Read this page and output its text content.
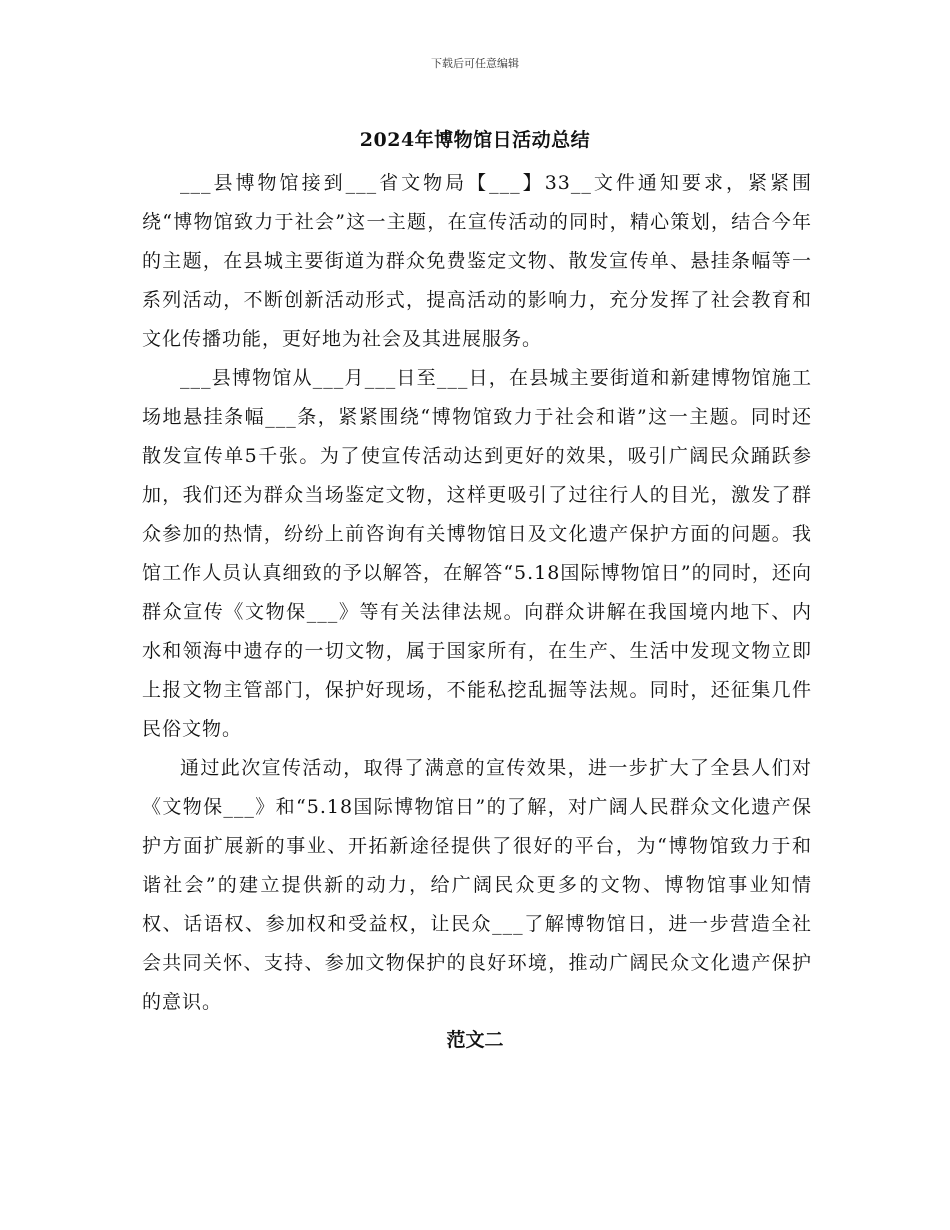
下载后可任意编辑
2024年博物馆日活动总结

___县博物馆接到___省文物局【___】33__文件通知要求，紧紧围绕“博物馆致力于社会”这一主题，在宣传活动的同时，精心策划，结合今年的主题，在县城主要街道为群众免费鉴定文物、散发宣传单、悬挂条幅等一系列活动，不断创新活动形式，提高活动的影响力，充分发挥了社会教育和文化传播功能，更好地为社会及其进展服务。

___县博物馆从___月___日至___日，在县城主要街道和新建博物馆施工场地悬挂条幅___条，紧紧围绕“博物馆致力于社会和谐”这一主题。同时还散发宣传单5千张。为了使宣传活动达到更好的效果，吸引广阔民众踊跃参加，我们还为群众当场鉴定文物，这样更吸引了过往行人的目光，激发了群众参加的热情，纷纷上前咨询有关博物馆日及文化遗产保护方面的问题。我馆工作人员认真细致的予以解答，在解答“5.18国际博物馆日”的同时，还向群众宣传《文物保___》等有关法律法规。向群众讲解在我国境内地下、内水和领海中遗存的一切文物，属于国家所有，在生产、生活中发现文物立即上报文物主管部门，保护好现场，不能私挖乱掘等法规。同时，还征集几件民俗文物。

通过此次宣传活动，取得了满意的宣传效果，进一步扩大了全县人们对《文物保___》和“5.18国际博物馆日”的了解，对广阔人民群众文化遗产保护方面扩展新的事业、开拓新途径提供了很好的平台，为“博物馆致力于和谐社会”的建立提供新的动力，给广阔民众更多的文物、博物馆事业知情权、话语权、参加权和受益权，让民众___了解博物馆日，进一步营造全社会共同关怀、支持、参加文物保护的良好环境，推动广阔民众文化遗产保护的意识。

范文二
